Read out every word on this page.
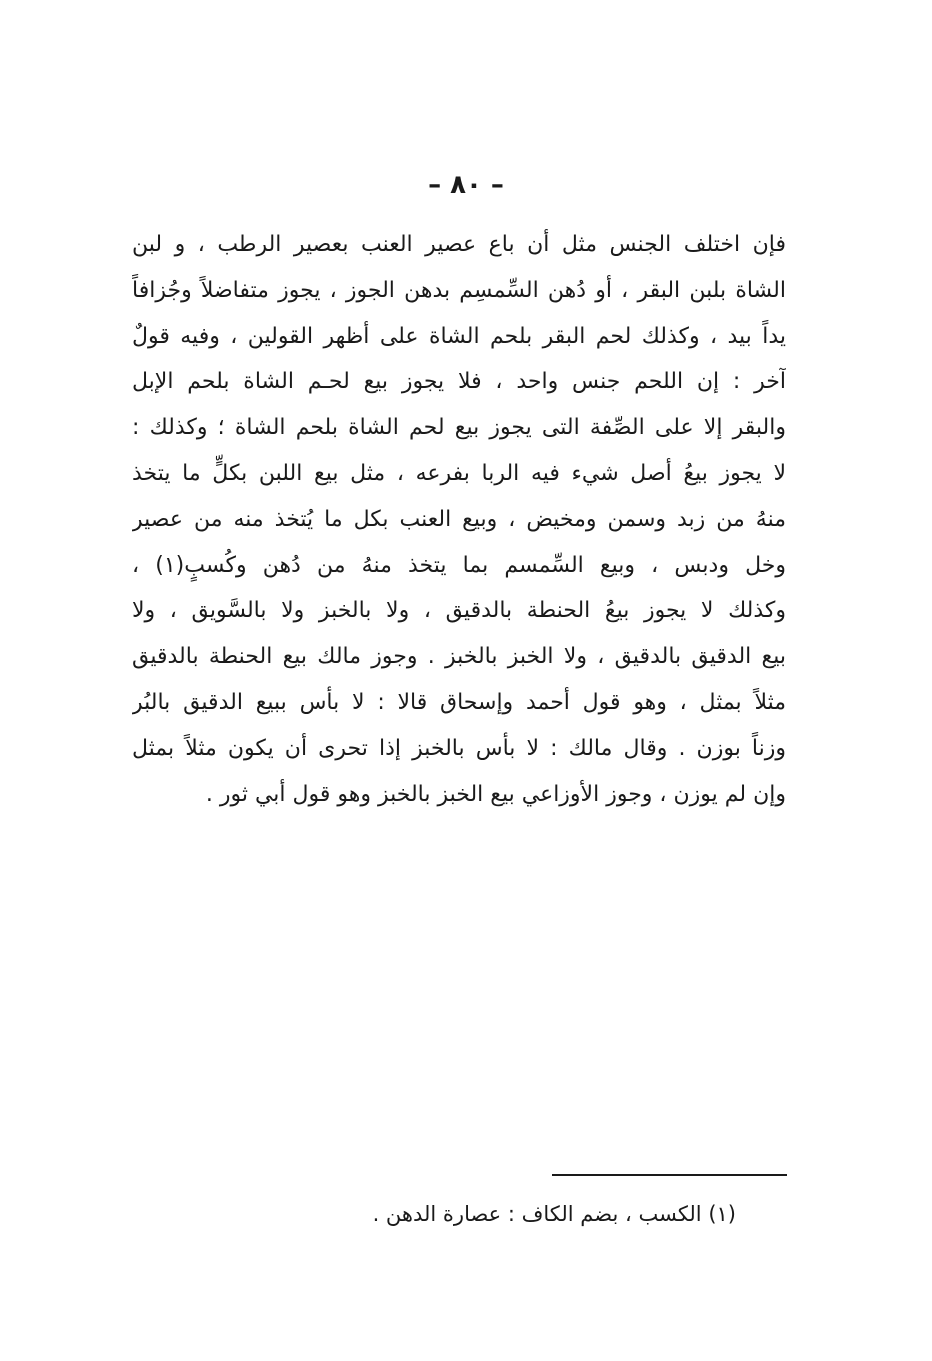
– ٨٠ –
فإن اختلف الجنس مثل أن باع عصير العنب بعصير الرطب ، و لبن
الشاة بلبن البقر ، أو دُهن السِّمسِم بدهن الجوز ، يجوز متفاضلاً وجُزافاً
يداً بيد ، وكذلك لحم البقر بلحم الشاة على أظهر القولين ، وفيه قولٌ
آخر : إن اللحم جنس واحد ، فلا يجوز بيع لحـم الشاة بلحم الإبل
والبقر إلا على الصِّفة التى يجوز بيع لحم الشاة بلحم الشاة ؛ وكذلك :
لا يجوز بيعُ أصل شيء فيه الربا بفرعه ، مثل بيع اللبن بكلٍّ ما يتخذ
منهُ من زبد وسمن ومخيض ، وبيع العنب بكل ما يُتخذ منه من عصير
وخل ودبس ، وبيع السِّمسم بما يتخذ منهُ من دُهن وكُسبٍ(١) ،
وكذلك لا يجوز بيعُ الحنطة بالدقيق ، ولا بالخبز ولا بالسَّويق ، ولا
بيع الدقيق بالدقيق ، ولا الخبز بالخبز . وجوز مالك بيع الحنطة بالدقيق
مثلاً بمثل ، وهو قول أحمد وإسحاق قالا : لا بأس ببيع الدقيق بالبُر
وزناً بوزن . وقال مالك : لا بأس بالخبز إذا تحرى أن يكون مثلاً بمثل
وإن لم يوزن ، وجوز الأوزاعي بيع الخبز بالخبز وهو قول أبي ثور .
(١) الكسب ، بضم الكاف : عصارة الدهن .
